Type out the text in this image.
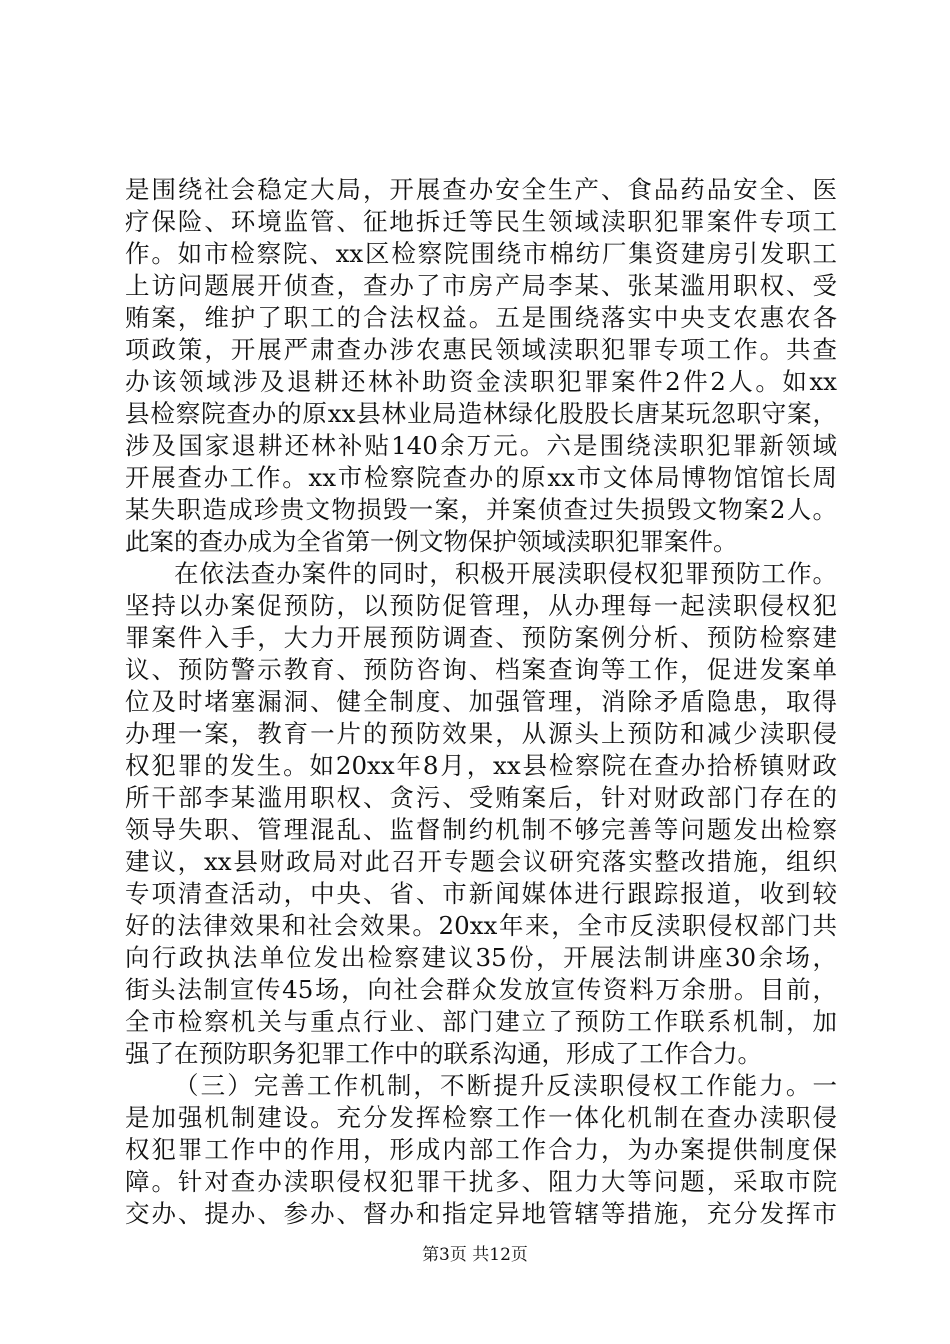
是围绕社会稳定大局，开展查办安全生产、食品药品安全、医
疗保险、环境监管、征地拆迁等民生领域渎职犯罪案件专项工
作。如市检察院、xx区检察院围绕市棉纺厂集资建房引发职工
上访问题展开侦查，查办了市房产局李某、张某滥用职权、受
贿案，维护了职工的合法权益。五是围绕落实中央支农惠农各
项政策，开展严肃查办涉农惠民领域渎职犯罪专项工作。共查
办该领域涉及退耕还林补助资金渎职犯罪案件2件2人。如xx
县检察院查办的原xx县林业局造林绿化股股长唐某玩忽职守案，
涉及国家退耕还林补贴140余万元。六是围绕渎职犯罪新领域
开展查办工作。xx市检察院查办的原xx市文体局博物馆馆长周
某失职造成珍贵文物损毁一案，并案侦查过失损毁文物案2人。
此案的查办成为全省第一例文物保护领域渎职犯罪案件。
在依法查办案件的同时，积极开展渎职侵权犯罪预防工作。
坚持以办案促预防，以预防促管理，从办理每一起渎职侵权犯
罪案件入手，大力开展预防调查、预防案例分析、预防检察建
议、预防警示教育、预防咨询、档案查询等工作，促进发案单
位及时堵塞漏洞、健全制度、加强管理，消除矛盾隐患，取得
办理一案，教育一片的预防效果，从源头上预防和减少渎职侵
权犯罪的发生。如20xx年8月，xx县检察院在查办拾桥镇财政
所干部李某滥用职权、贪污、受贿案后，针对财政部门存在的
领导失职、管理混乱、监督制约机制不够完善等问题发出检察
建议，xx县财政局对此召开专题会议研究落实整改措施，组织
专项清查活动，中央、省、市新闻媒体进行跟踪报道，收到较
好的法律效果和社会效果。20xx年来，全市反渎职侵权部门共
向行政执法单位发出检察建议35份，开展法制讲座30余场，
街头法制宣传45场，向社会群众发放宣传资料万余册。目前，
全市检察机关与重点行业、部门建立了预防工作联系机制，加
强了在预防职务犯罪工作中的联系沟通，形成了工作合力。
（三）完善工作机制，不断提升反渎职侵权工作能力。一
是加强机制建设。充分发挥检察工作一体化机制在查办渎职侵
权犯罪工作中的作用，形成内部工作合力，为办案提供制度保
障。针对查办渎职侵权犯罪干扰多、阻力大等问题，采取市院
交办、提办、参办、督办和指定异地管辖等措施，充分发挥市
第3页 共12页
